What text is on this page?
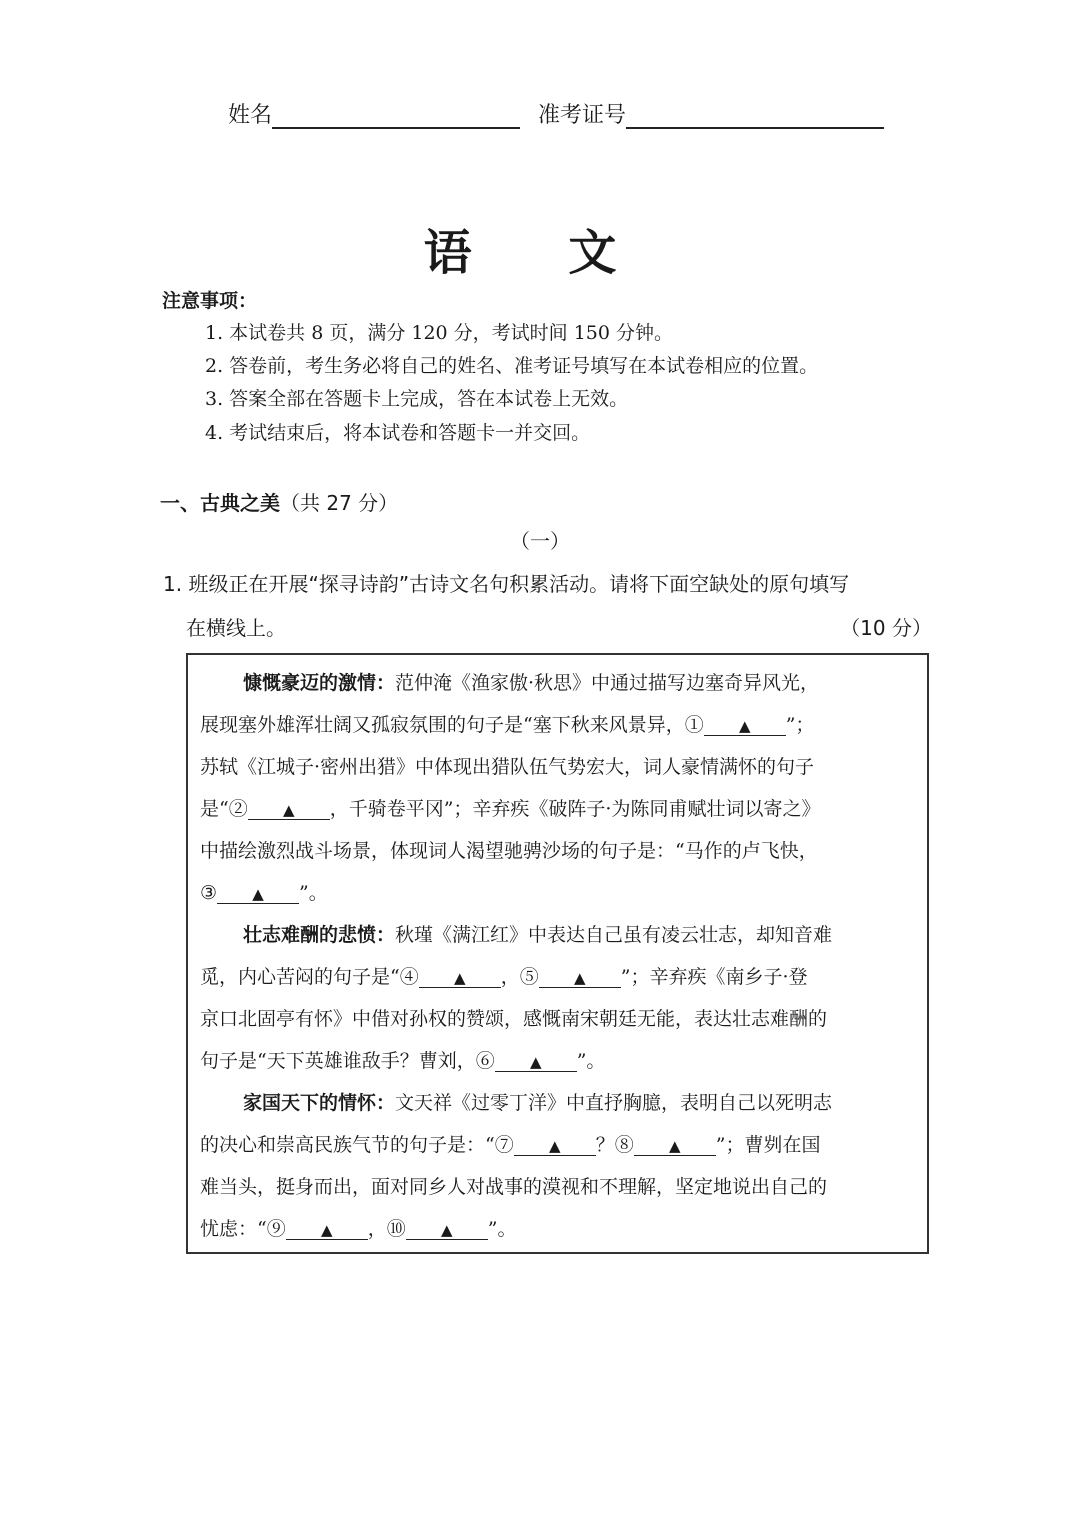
姓名	准考证号
语 文
注意事项：
1. 本试卷共 8 页，满分 120 分，考试时间 150 分钟。
2. 答卷前，考生务必将自己的姓名、准考证号填写在本试卷相应的位置。
3. 答案全部在答题卡上完成，答在本试卷上无效。
4. 考试结束后，将本试卷和答题卡一并交回。
一、古典之美（共 27 分）
（一）
1. 班级正在开展“探寻诗韵”古诗文名句积累活动。请将下面空缺处的原句填写
在横线上。	（10 分）
慷慨豪迈的激情：范仲淹《渔家傲·秋思》中通过描写边塞奇异风光，
展现塞外雄浑壮阔又孤寂氛围的句子是“塞下秋来风景异，① ▲ ”；
苏轼《江城子·密州出猎》中体现出猎队伍气势宏大，词人豪情满怀的句子
是“② ▲ ，千骑卷平冈”；辛弃疾《破阵子·为陈同甫赋壮词以寄之》
中描绘激烈战斗场景，体现词人渴望驰骋沙场的句子是：“马作的卢飞快，
③ ▲ ”。
壮志难酬的悲愤：秋瑾《满江红》中表达自己虽有凌云壮志，却知音难
觅，内心苦闷的句子是“④ ▲ ，⑤ ▲ ”；辛弃疾《南乡子·登
京口北固亭有怀》中借对孙权的赞颂，感慨南宋朝廷无能，表达壮志难酬的
句子是“天下英雄谁敌手？曹刘，⑥ ▲ ”。
家国天下的情怀：文天祥《过零丁洋》中直抒胸臆，表明自己以死明志
的决心和崇高民族气节的句子是：“⑦ ▲ ？⑧ ▲ ”；曹刿在国
难当头，挺身而出，面对同乡人对战事的漠视和不理解，坚定地说出自己的
忧虑：“⑨ ▲ ，⑩ ▲ ”。
